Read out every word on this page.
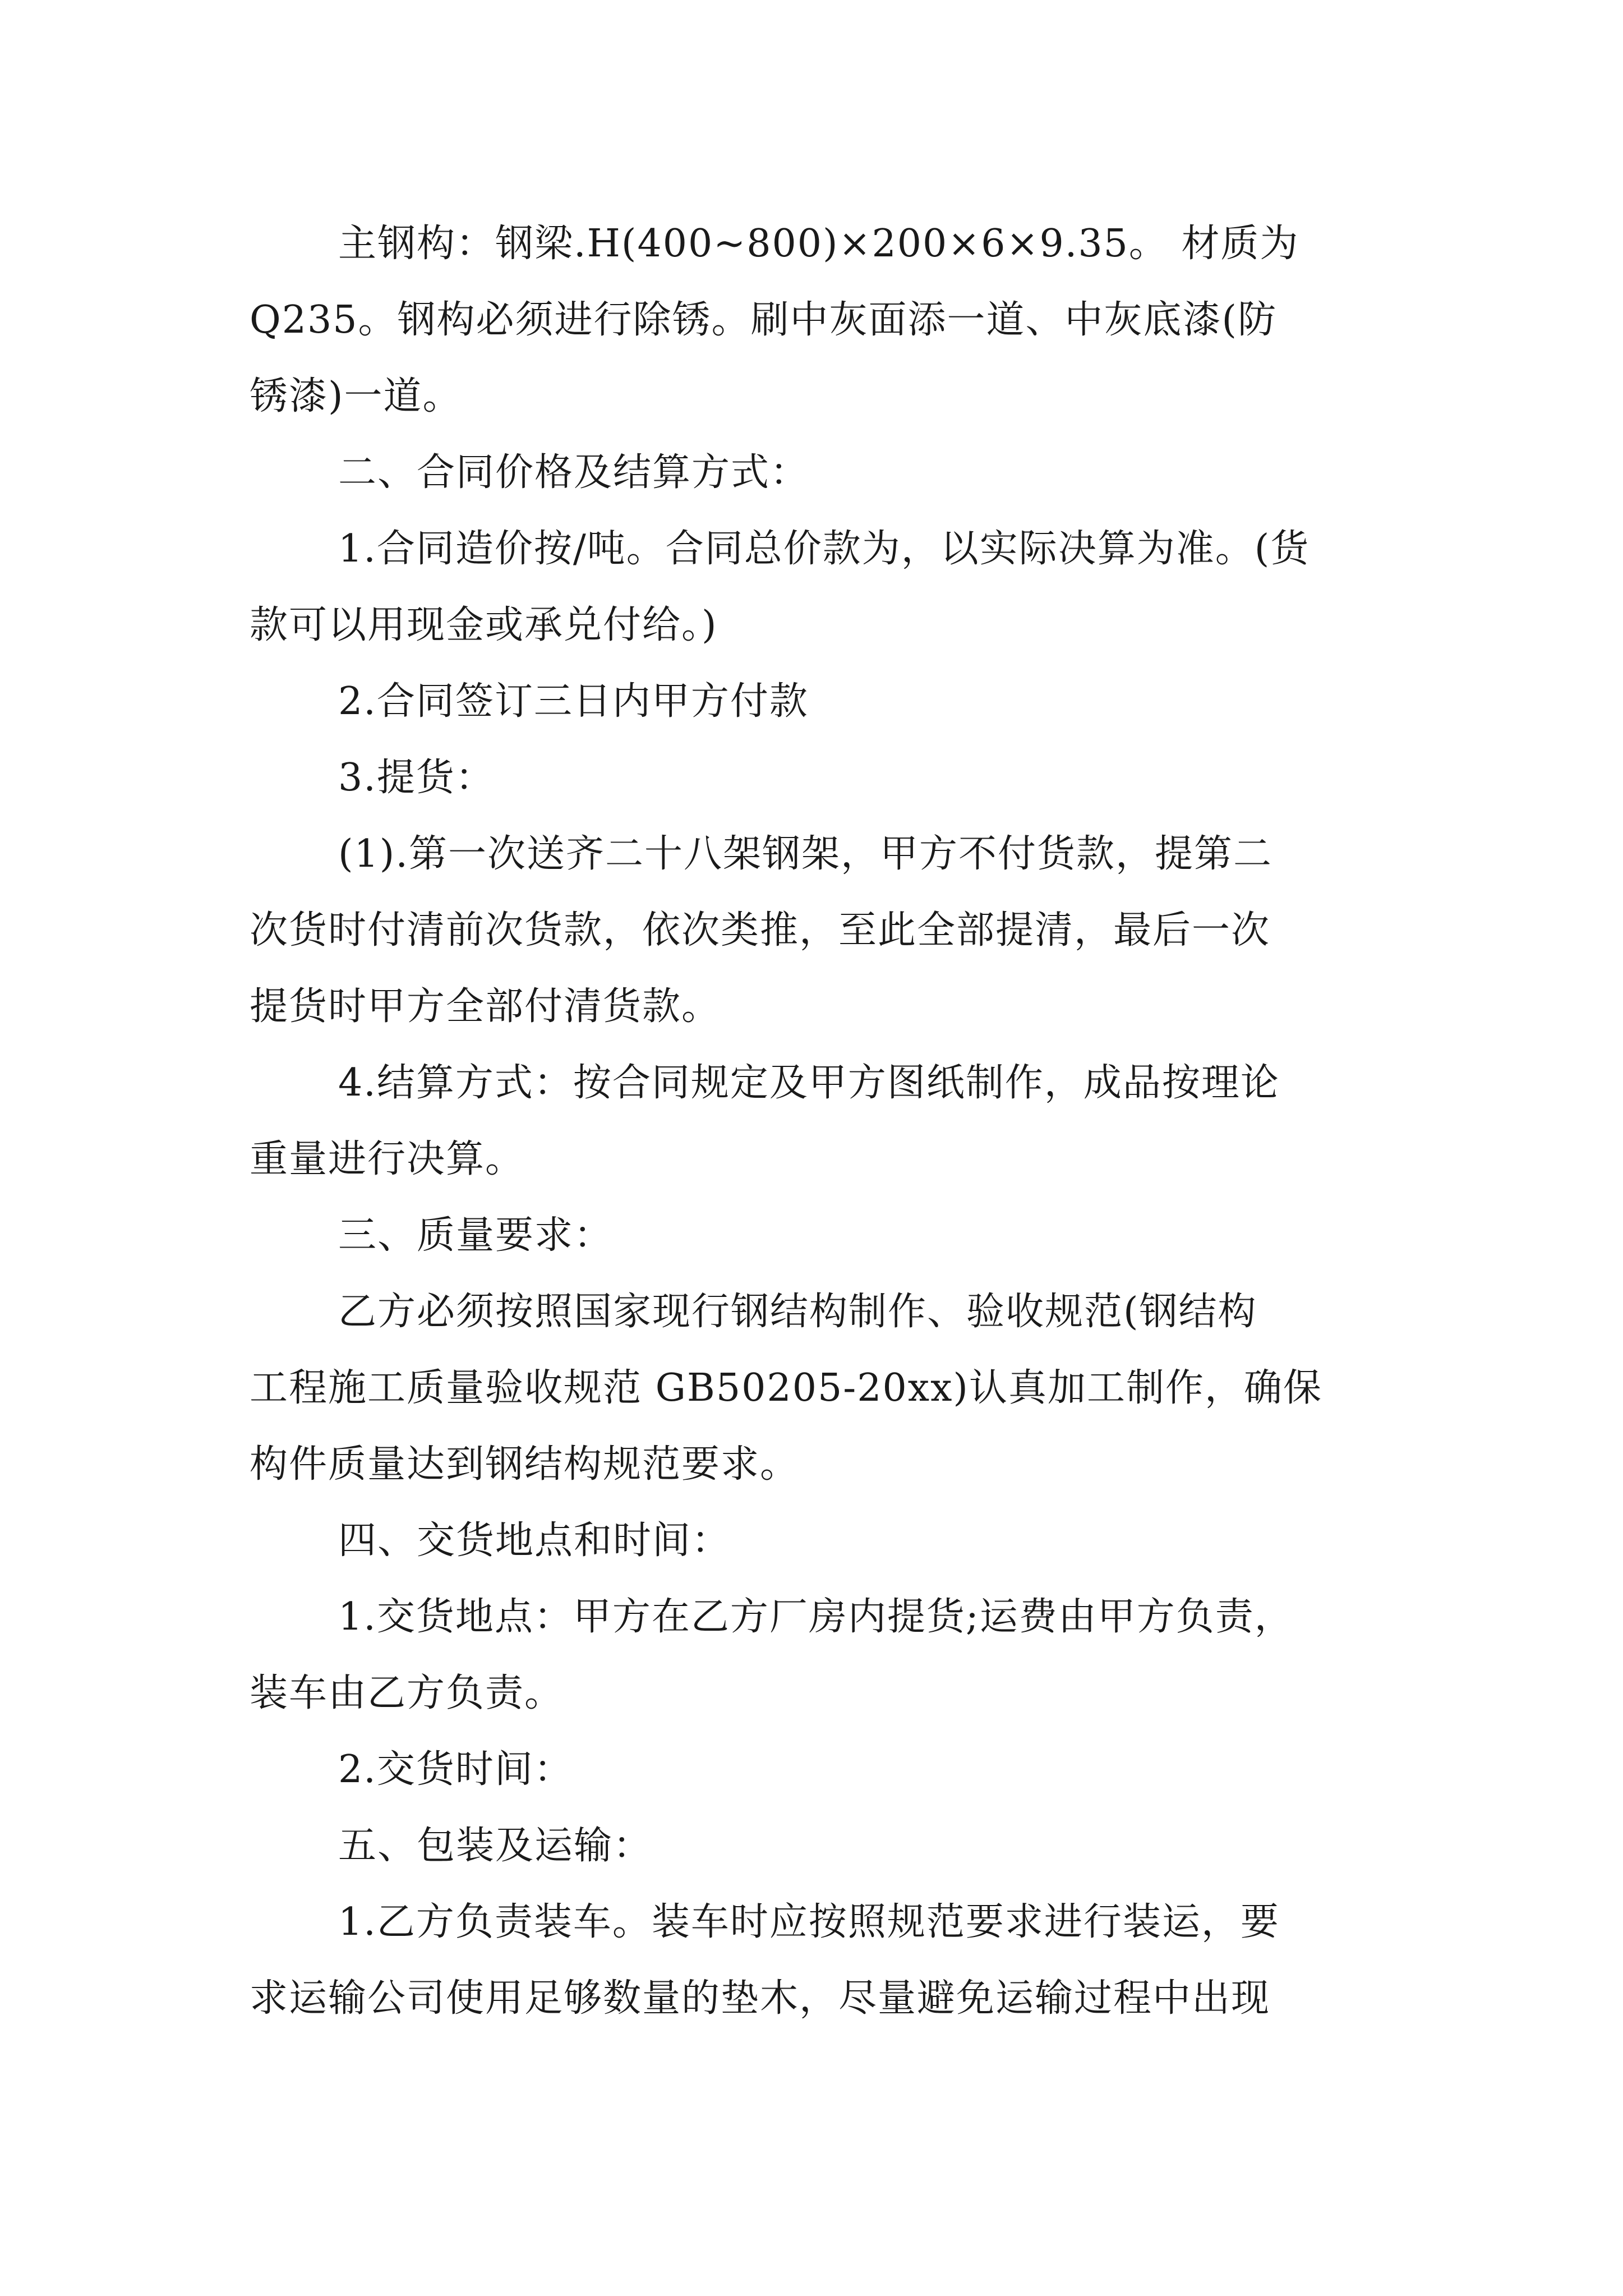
主钢构：钢梁.H(400~800)×200×6×9.35。 材质为
Q235。钢构必须进行除锈。刷中灰面添一道、中灰底漆(防
锈漆)一道。
二、合同价格及结算方式：
1.合同造价按/吨。合同总价款为，以实际决算为准。(货
款可以用现金或承兑付给。)
2.合同签订三日内甲方付款
3.提货：
(1).第一次送齐二十八架钢架，甲方不付货款，提第二
次货时付清前次货款，依次类推，至此全部提清，最后一次
提货时甲方全部付清货款。
4.结算方式：按合同规定及甲方图纸制作，成品按理论
重量进行决算。
三、质量要求：
乙方必须按照国家现行钢结构制作、验收规范(钢结构
工程施工质量验收规范 GB50205-20xx)认真加工制作，确保
构件质量达到钢结构规范要求。
四、交货地点和时间：
1.交货地点：甲方在乙方厂房内提货;运费由甲方负责，
装车由乙方负责。
2.交货时间：
五、包装及运输：
1.乙方负责装车。装车时应按照规范要求进行装运，要
求运输公司使用足够数量的垫木，尽量避免运输过程中出现
